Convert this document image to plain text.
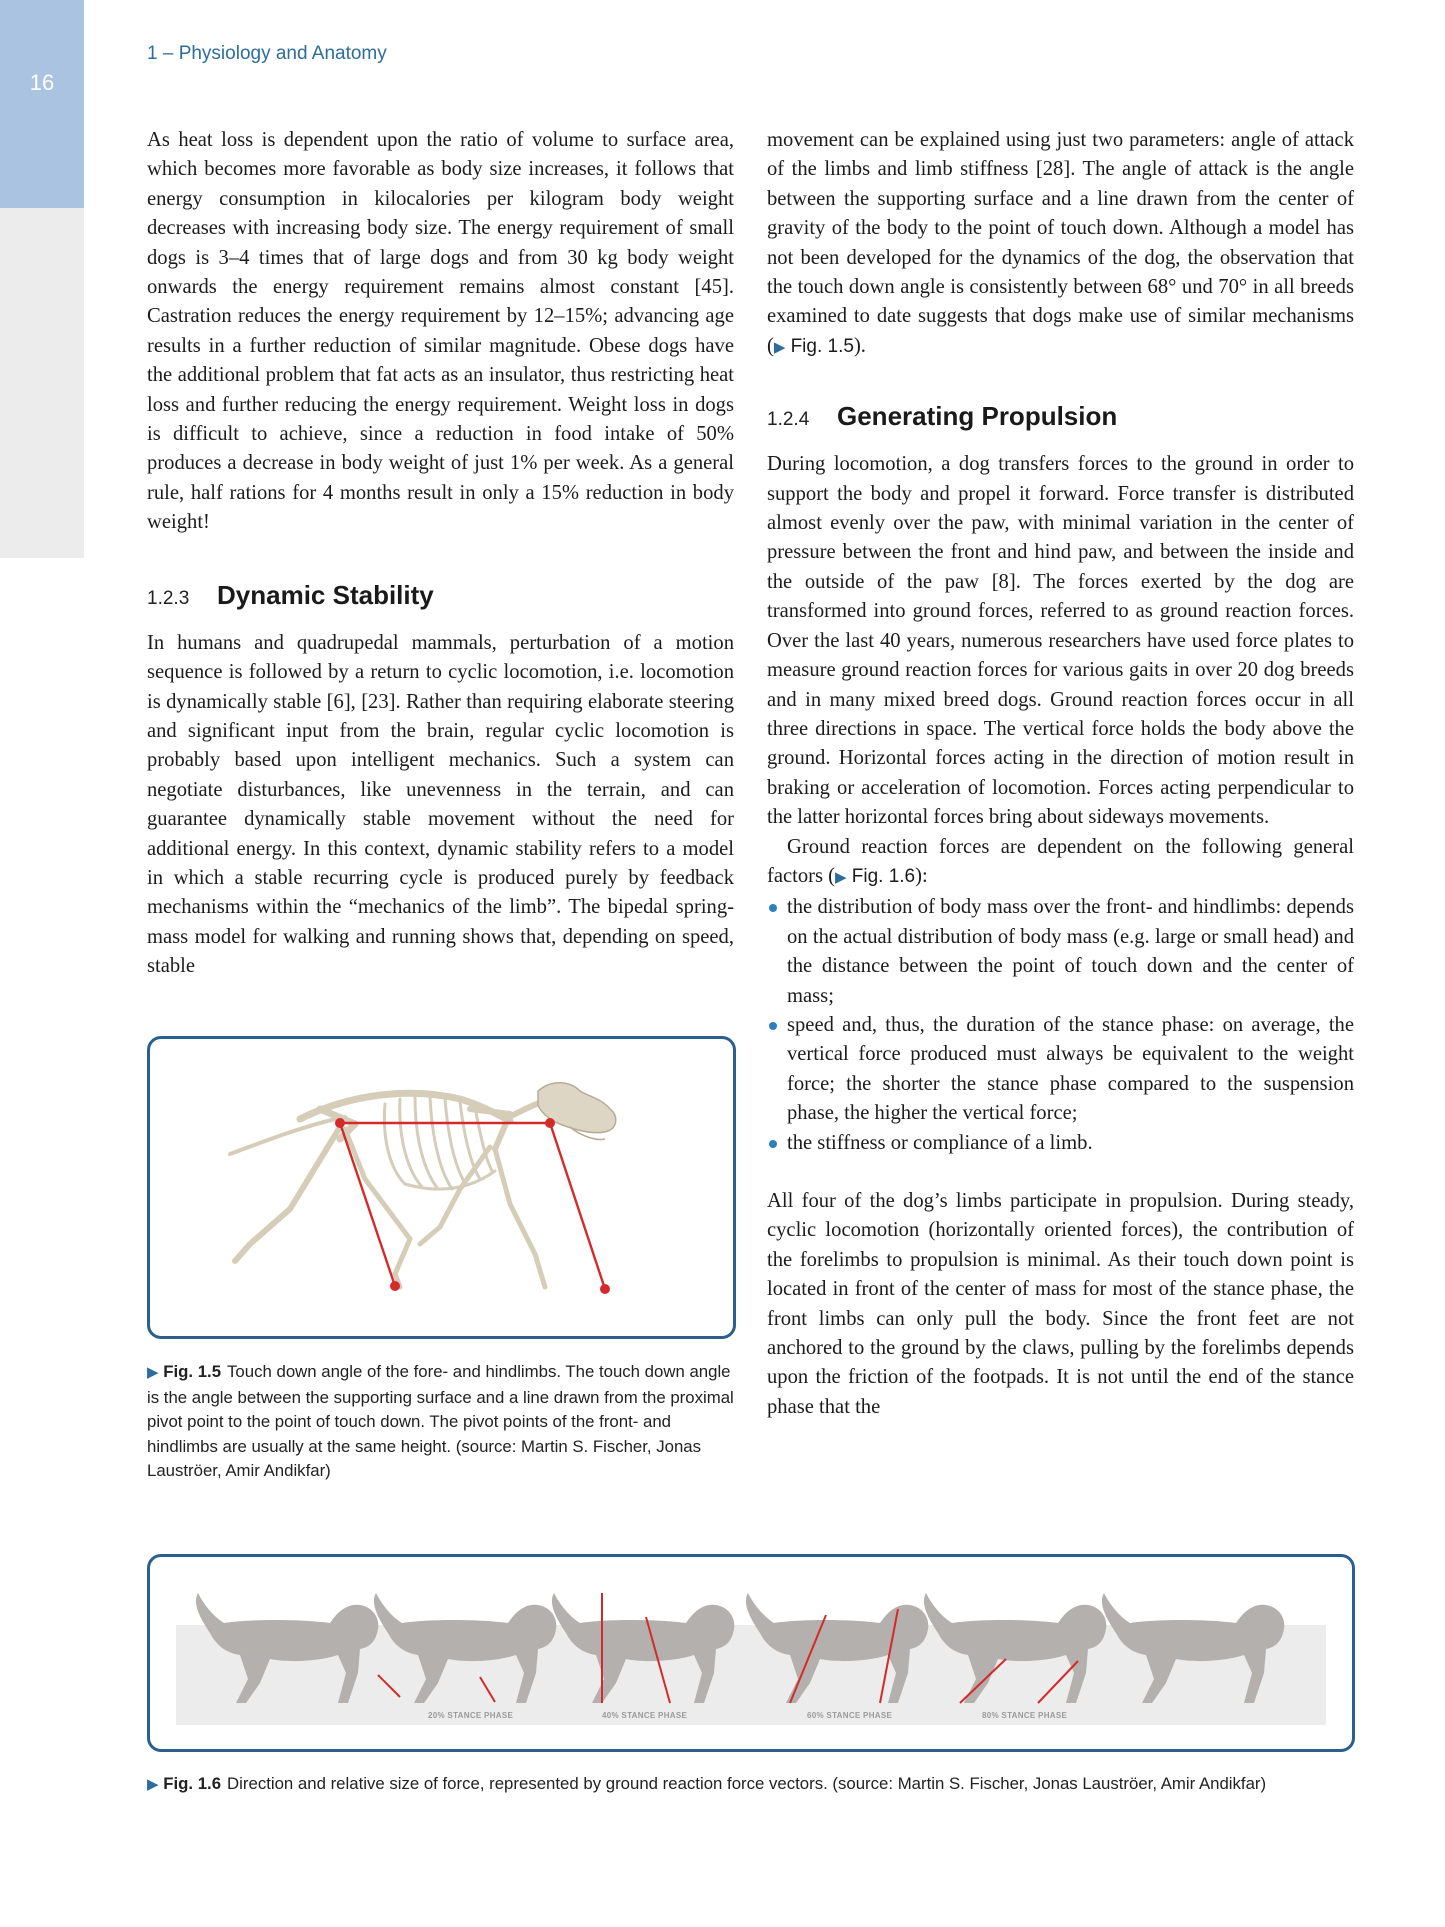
16
1 – Physiology and Anatomy

As heat loss is dependent upon the ratio of volume to surface area, which becomes more favorable as body size increases, it follows that energy consumption in kilocalories per kilogram body weight decreases with increasing body size. The energy requirement of small dogs is 3–4 times that of large dogs and from 30 kg body weight onwards the energy requirement remains almost constant [45]. Castration reduces the energy requirement by 12–15%; advancing age results in a further reduction of similar magnitude. Obese dogs have the additional problem that fat acts as an insulator, thus restricting heat loss and further reducing the energy requirement. Weight loss in dogs is difficult to achieve, since a reduction in food intake of 50% produces a decrease in body weight of just 1% per week. As a general rule, half rations for 4 months result in only a 15% reduction in body weight!

1.2.3	Dynamic Stability

In humans and quadrupedal mammals, perturbation of a motion sequence is followed by a return to cyclic locomotion, i.e. locomotion is dynamically stable [6], [23]. Rather than requiring elaborate steering and significant input from the brain, regular cyclic locomotion is probably based upon intelligent mechanics. Such a system can negotiate disturbances, like unevenness in the terrain, and can guarantee dynamically stable movement without the need for additional energy. In this context, dynamic stability refers to a model in which a stable recurring cycle is produced purely by feedback mechanisms within the “mechanics of the limb”. The bipedal spring-mass model for walking and running shows that, depending on speed, stable

▶ Fig. 1.5 Touch down angle of the fore- and hindlimbs. The touch down angle is the angle between the supporting surface and a line drawn from the proximal pivot point to the point of touch down. The pivot points of the front- and hindlimbs are usually at the same height. (source: Martin S. Fischer, Jonas Lauströer, Amir Andikfar)

movement can be explained using just two parameters: angle of attack of the limbs and limb stiffness [28]. The angle of attack is the angle between the supporting surface and a line drawn from the center of gravity of the body to the point of touch down. Although a model has not been developed for the dynamics of the dog, the observation that the touch down angle is consistently between 68° und 70° in all breeds examined to date suggests that dogs make use of similar mechanisms (▶ Fig. 1.5).

1.2.4	Generating Propulsion

During locomotion, a dog transfers forces to the ground in order to support the body and propel it forward. Force transfer is distributed almost evenly over the paw, with minimal variation in the center of pressure between the front and hind paw, and between the inside and the outside of the paw [8]. The forces exerted by the dog are transformed into ground forces, referred to as ground reaction forces. Over the last 40 years, numerous researchers have used force plates to measure ground reaction forces for various gaits in over 20 dog breeds and in many mixed breed dogs. Ground reaction forces occur in all three directions in space. The vertical force holds the body above the ground. Horizontal forces acting in the direction of motion result in braking or acceleration of locomotion. Forces acting perpendicular to the latter horizontal forces bring about sideways movements.

Ground reaction forces are dependent on the following general factors (▶ Fig. 1.6):

the distribution of body mass over the front- and hindlimbs: depends on the actual distribution of body mass (e.g. large or small head) and the distance between the point of touch down and the center of mass;
speed and, thus, the duration of the stance phase: on average, the vertical force produced must always be equivalent to the weight force; the shorter the stance phase compared to the suspension phase, the higher the vertical force;
the stiffness or compliance of a limb.

All four of the dog’s limbs participate in propulsion. During steady, cyclic locomotion (horizontally oriented forces), the contribution of the forelimbs to propulsion is minimal. As their touch down point is located in front of the center of mass for most of the stance phase, the front limbs can only pull the body. Since the front feet are not anchored to the ground by the claws, pulling by the forelimbs depends upon the friction of the footpads. It is not until the end of the stance phase that the

20% STANCE PHASE	40% STANCE PHASE	60% STANCE PHASE	80% STANCE PHASE
▶ Fig. 1.6 Direction and relative size of force, represented by ground reaction force vectors. (source: Martin S. Fischer, Jonas Lauströer, Amir Andikfar)
